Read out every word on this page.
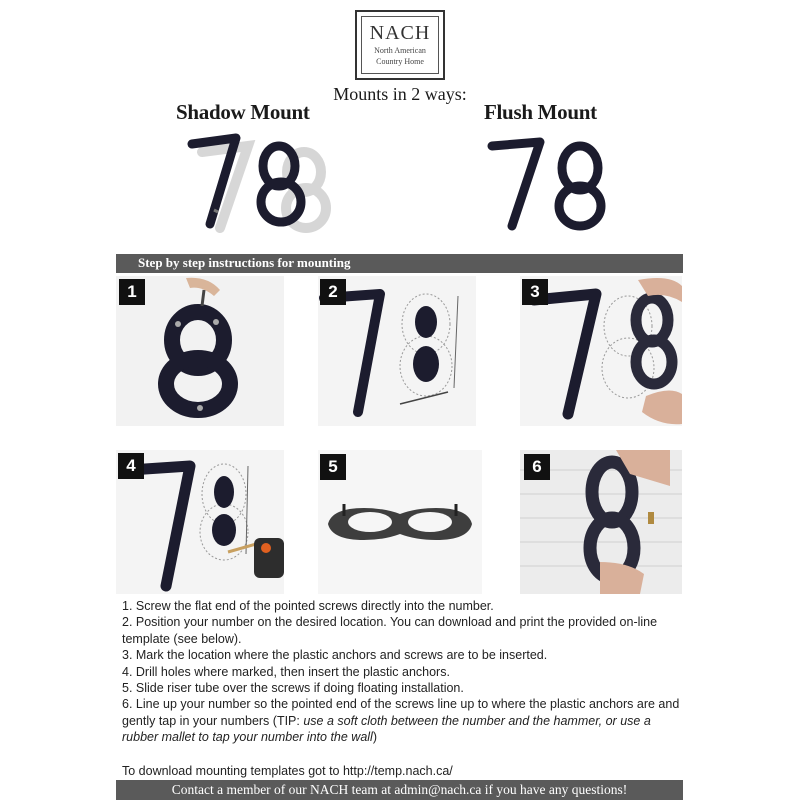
NACH
North American
Country Home
Mounts in 2 ways:
Shadow Mount	Flush Mount
Step by step instructions for mounting
1	2	3
4	5	6

1. Screw the flat end of the pointed screws directly into the number.

2. Position your number on the desired location. You can download and print the provided on-line template (see below).

3. Mark the location where the plastic anchors and screws are to be inserted.

4. Drill holes where marked, then insert the plastic anchors.

5. Slide riser tube over the screws if doing floating installation.

6. Line up your number so the pointed end of the screws line up to where the plastic anchors are and gently tap in your numbers (TIP: use a soft cloth between the number and the hammer, or use a rubber mallet to tap your number into the wall)

To download mounting templates got to http://temp.nach.ca/
Contact a member of our NACH team at admin@nach.ca if you have any questions!
